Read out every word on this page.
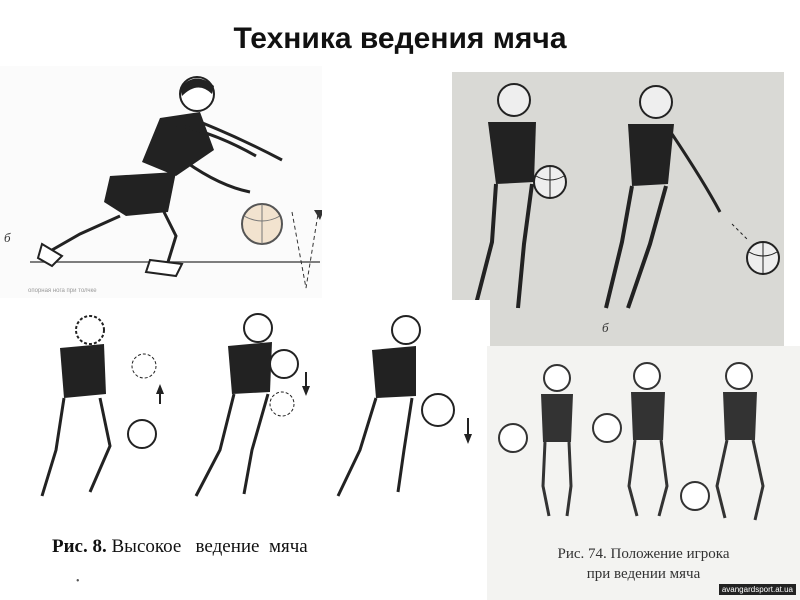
Техника ведения мяча
б
опорная нога при толчке
б
Рис. 8. Высокое   ведение  мяча
•
Рис. 74. Положение игрока
при ведении мяча
avangardsport.at.ua
